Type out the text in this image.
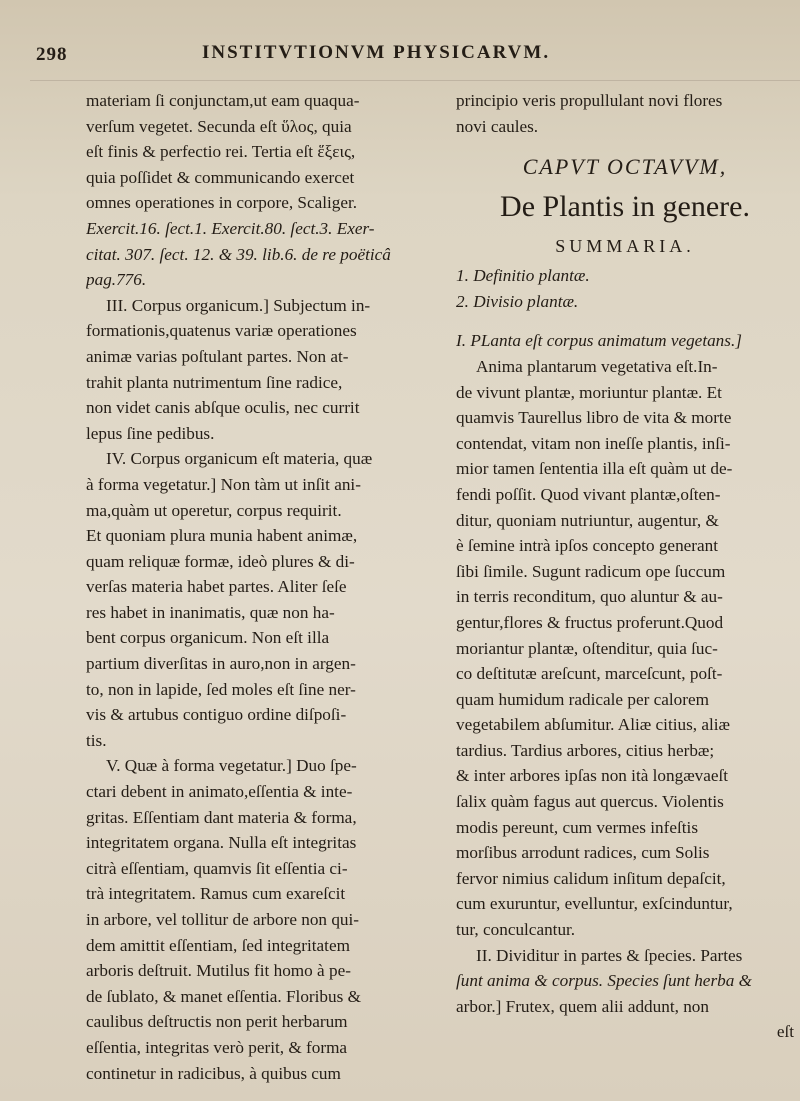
298	INSTITVTIONVM PHYSICARVM.
materiam ſi conjunctam,ut eam quaqua-
verſum vegetet. Secunda eſt ὕλος, quia
eſt finis & perfectio rei. Tertia eſt ἕξεις,
quia poſſidet & communicando exercet
omnes operationes in corpore, Scaliger.
Exercit.16. ſect.1. Exercit.80. ſect.3. Exer-
citat. 307. ſect. 12. & 39. lib.6. de re poëticâ
pag.776.
III. Corpus organicum.] Subjectum in-
formationis,quatenus variæ operationes
animæ varias poſtulant partes. Non at-
trahit planta nutrimentum ſine radice,
non videt canis abſque oculis, nec currit
lepus ſine pedibus.
IV. Corpus organicum eſt materia, quæ
à forma vegetatur.] Non tàm ut inſit ani-
ma,quàm ut operetur, corpus requirit.
Et quoniam plura munia habent animæ,
quam reliquæ formæ, ideò plures & di-
verſas materia habet partes. Aliter ſeſe
res habet in inanimatis, quæ non ha-
bent corpus organicum. Non eſt illa
partium diverſitas in auro,non in argen-
to, non in lapide, ſed moles eſt ſine ner-
vis & artubus contiguo ordine diſpoſi-
tis.
V. Quæ à forma vegetatur.] Duo ſpe-
ctari debent in animato,eſſentia & inte-
gritas. Eſſentiam dant materia & forma,
integritatem organa. Nulla eſt integritas
citrà eſſentiam, quamvis ſit eſſentia ci-
trà integritatem. Ramus cum exareſcit
in arbore, vel tollitur de arbore non qui-
dem amittit eſſentiam, ſed integritatem
arboris deſtruit. Mutilus fit homo à pe-
de ſublato, & manet eſſentia. Floribus &
caulibus deſtructis non perit herbarum
eſſentia, integritas verò perit, & forma
continetur in radicibus, à quibus cum
principio veris propullulant novi flores
novi caules.
CAPVT OCTAVVM,
De Plantis in genere.
SUMMARIA.
1. Definitio plantæ.
2. Divisio plantæ.
I. PLanta eſt corpus animatum vegetans.]
Anima plantarum vegetativa eſt.In-
de vivunt plantæ, moriuntur plantæ. Et
quamvis Taurellus libro de vita & morte
contendat, vitam non ineſſe plantis, inſi-
mior tamen ſententia illa eſt quàm ut de-
fendi poſſit. Quod vivant plantæ,oſten-
ditur, quoniam nutriuntur, augentur, &
è ſemine intrà ipſos concepto generant
ſibi ſimile. Sugunt radicum ope ſuccum
in terris reconditum, quo aluntur & au-
gentur,flores & fructus proferunt.Quod
moriantur plantæ, oſtenditur, quia ſuc-
co deſtitutæ areſcunt, marceſcunt, poſt-
quam humidum radicale per calorem
vegetabilem abſumitur. Aliæ citius, aliæ
tardius. Tardius arbores, citius herbæ;
& inter arbores ipſas non ità longævaeſt
ſalix quàm fagus aut quercus. Violentis
modis pereunt, cum vermes infeſtis
morſibus arrodunt radices, cum Solis
fervor nimius calidum inſitum depaſcit,
cum exuruntur, evelluntur, exſcinduntur,
tur, conculcantur.
II. Dividitur in partes & ſpecies. Partes
ſunt anima & corpus. Species ſunt herba &
arbor.] Frutex, quem alii addunt, non
eſt
